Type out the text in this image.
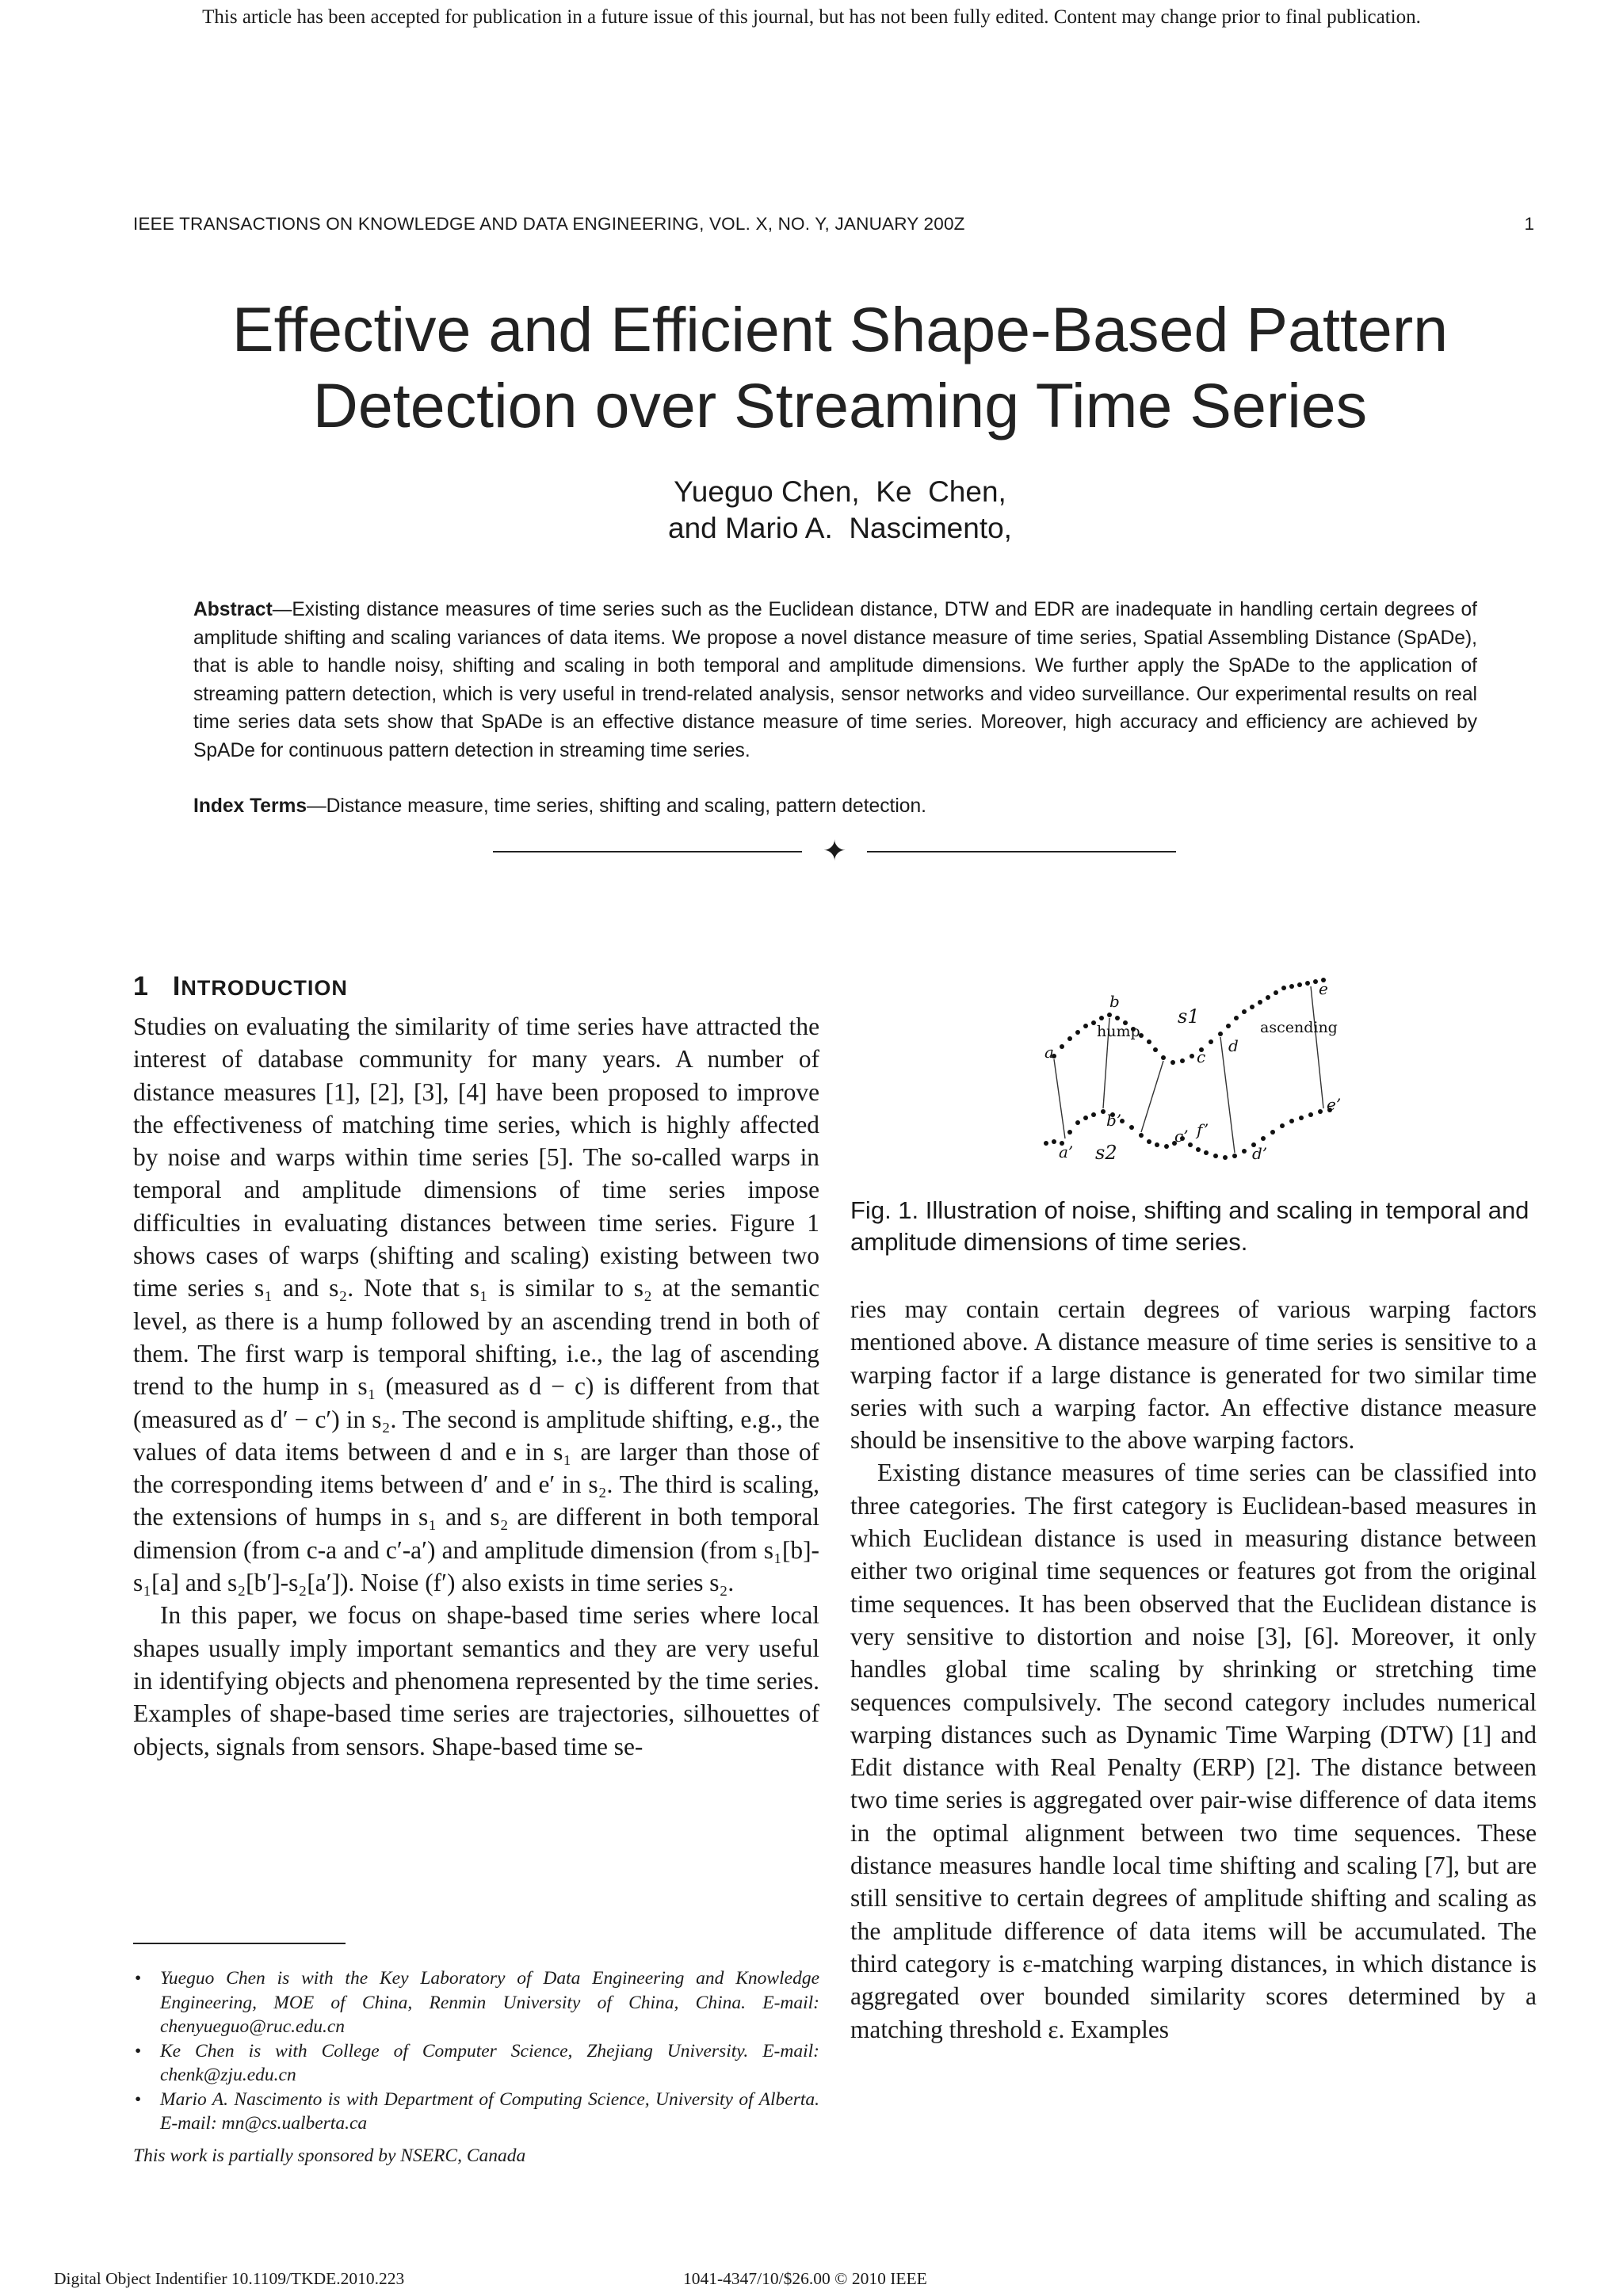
This article has been accepted for publication in a future issue of this journal, but has not been fully edited. Content may change prior to final publication.
IEEE TRANSACTIONS ON KNOWLEDGE AND DATA ENGINEERING, VOL. X, NO. Y, JANUARY 200Z	1
Effective and Efficient Shape-Based Pattern
Detection over Streaming Time Series
Yueguo Chen,  Ke  Chen,
and Mario A.  Nascimento,
Abstract—Existing distance measures of time series such as the Euclidean distance, DTW and EDR are inadequate in handling certain degrees of amplitude shifting and scaling variances of data items. We propose a novel distance measure of time series, Spatial Assembling Distance (SpADe), that is able to handle noisy, shifting and scaling in both temporal and amplitude dimensions. We further apply the SpADe to the application of streaming pattern detection, which is very useful in trend-related analysis, sensor networks and video surveillance. Our experimental results on real time series data sets show that SpADe is an effective distance measure of time series. Moreover, high accuracy and efficiency are achieved by SpADe for continuous pattern detection in streaming time series.
Index Terms—Distance measure, time series, shifting and scaling, pattern detection.
✦
1 INTRODUCTION

Studies on evaluating the similarity of time series have attracted the interest of database community for many years. A number of distance measures [1], [2], [3], [4] have been proposed to improve the effectiveness of matching time series, which is highly affected by noise and warps within time series [5]. The so-called warps in temporal and amplitude dimensions of time series impose difficulties in evaluating distances between time series. Figure 1 shows cases of warps (shifting and scaling) existing between two time series s₁ and s₂. Note that s₁ is similar to s₂ at the semantic level, as there is a hump followed by an ascending trend in both of them. The first warp is temporal shifting, i.e., the lag of ascending trend to the hump in s₁ (measured as d − c) is different from that (measured as d′ − c′) in s₂. The second is amplitude shifting, e.g., the values of data items between d and e in s₁ are larger than those of the corresponding items between d′ and e′ in s₂. The third is scaling, the extensions of humps in s₁ and s₂ are different in both temporal dimension (from c-a and c′-a′) and amplitude dimension (from s₁[b]-s₁[a] and s₂[b′]-s₂[a′]). Noise (f′) also exists in time series s₂.

In this paper, we focus on shape-based time series where local shapes usually imply important semantics and they are very useful in identifying objects and phenomena represented by the time series. Examples of shape-based time series are trajectories, silhouettes of objects, signals from sensors. Shape-based time se-

a
b
c
d
e
a’
b’
c’
d’
e’
f’
s1
s2
hump	ascending
Fig. 1. Illustration of noise, shifting and scaling in temporal and amplitude dimensions of time series.

ries may contain certain degrees of various warping factors mentioned above. A distance measure of time series is sensitive to a warping factor if a large distance is generated for two similar time series with such a warping factor. An effective distance measure should be insensitive to the above warping factors.

Existing distance measures of time series can be classified into three categories. The first category is Euclidean-based measures in which Euclidean distance is used in measuring distance between either two original time sequences or features got from the original time sequences. It has been observed that the Euclidean distance is very sensitive to distortion and noise [3], [6]. Moreover, it only handles global time scaling by shrinking or stretching time sequences compulsively. The second category includes numerical warping distances such as Dynamic Time Warping (DTW) [1] and Edit distance with Real Penalty (ERP) [2]. The distance between two time series is aggregated over pair-wise difference of data items in the optimal alignment between two time sequences. These distance measures handle local time shifting and scaling [7], but are still sensitive to certain degrees of amplitude shifting and scaling as the amplitude difference of data items will be accumulated. The third category is ε-matching warping distances, in which distance is aggregated over bounded similarity scores determined by a matching threshold ε. Examples

• Yueguo Chen is with the Key Laboratory of Data Engineering and Knowledge Engineering, MOE of China, Renmin University of China, China. E-mail: chenyueguo@ruc.edu.cn
• Ke Chen is with College of Computer Science, Zhejiang University. E-mail: chenk@zju.edu.cn
• Mario A. Nascimento is with Department of Computing Science, University of Alberta. E-mail: mn@cs.ualberta.ca
This work is partially sponsored by NSERC, Canada
Digital Object Indentifier 10.1109/TKDE.2010.223	1041-4347/10/$26.00 © 2010 IEEE
